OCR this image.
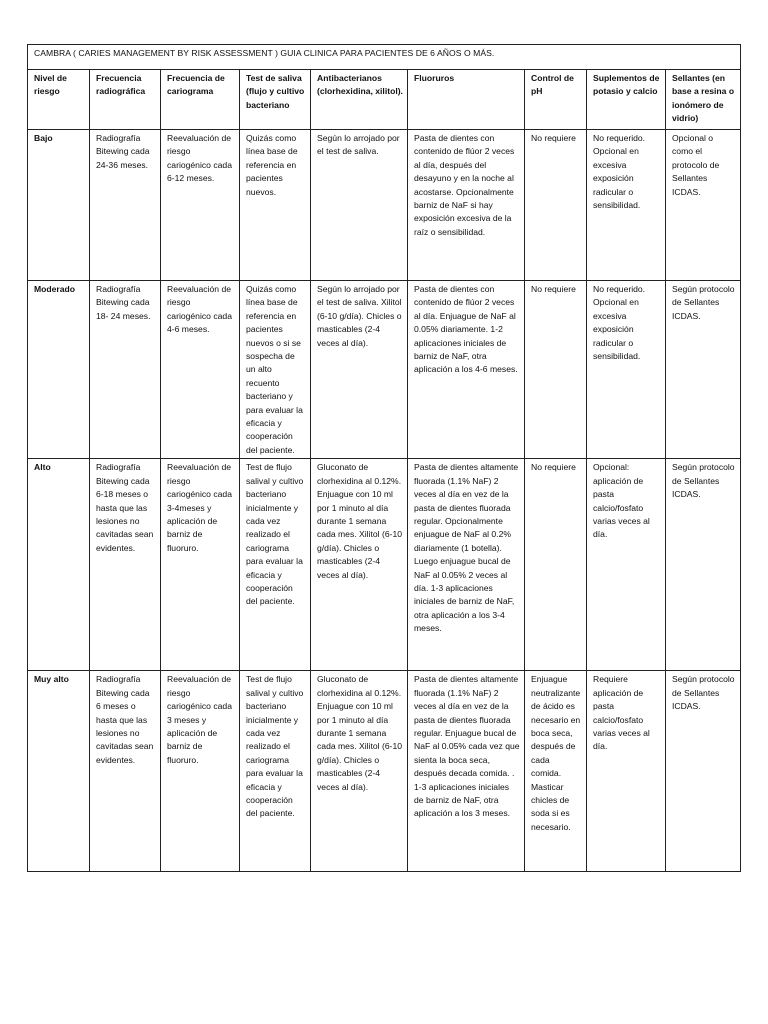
CAMBRA ( CARIES MANAGEMENT BY RISK ASSESSMENT ) GUIA CLINICA PARA PACIENTES DE 6 AÑOS O MÁS.								
Nivel de riesgo	Frecuencia radiográfica	Frecuencia de cariograma	Test de saliva (flujo y cultivo bacteriano	Antibacterianos (clorhexidina, xilitol).	Fluoruros	Control de pH	Suplementos de potasio y calcio	Sellantes (en base a resina o ionómero de vidrio)
Bajo	Radiografía Bitewing cada 24-36 meses.	Reevaluación de riesgo cariogénico cada 6-12 meses.	Quizás como línea base de referencia en pacientes nuevos.	Según lo arrojado por el test de saliva.	Pasta de dientes con contenido de flúor 2 veces al día, después del desayuno y en la noche al acostarse. Opcionalmente barniz de NaF si hay exposición excesiva de la raíz o sensibilidad.	No requiere	No requerido. Opcional en excesiva exposición radicular o sensibilidad.	Opcional o como el protocolo de Sellantes ICDAS.
Moderado	Radiografía Bitewing cada 18- 24 meses.	Reevaluación de riesgo cariogénico cada 4-6 meses.	Quizás como línea base de referencia en pacientes nuevos o si se sospecha de un alto recuento bacteriano y para evaluar la eficacia y cooperación del paciente.	Según lo arrojado por el test de saliva. Xilitol (6-10 g/día). Chicles o masticables (2-4 veces al día).	Pasta de dientes con contenido de flúor 2 veces al día. Enjuague de NaF al 0.05% diariamente. 1-2 aplicaciones iniciales de barniz de NaF, otra aplicación a los 4-6 meses.	No requiere	No requerido. Opcional en excesiva exposición radicular o sensibilidad.	Según protocolo de Sellantes ICDAS.
Alto	Radiografía Bitewing cada 6-18 meses o hasta que las lesiones no cavitadas sean evidentes.	Reevaluación de riesgo cariogénico cada 3-4meses y aplicación de barniz de fluoruro.	Test de flujo salival y cultivo bacteriano inicialmente y cada vez realizado el cariograma para evaluar la eficacia y cooperación del paciente.	Gluconato de clorhexidina al 0.12%. Enjuague con 10 ml por 1 minuto al día durante 1 semana cada mes. Xilitol (6-10 g/día). Chicles o masticables (2-4 veces al día).	Pasta de dientes altamente fluorada (1.1% NaF) 2 veces al día en vez de la pasta de dientes fluorada regular. Opcionalmente enjuague de NaF al 0.2% diariamente (1 botella). Luego enjuague bucal de NaF al 0.05% 2 veces al día. 1-3 aplicaciones iniciales de barniz de NaF, otra aplicación a los 3-4 meses.	No requiere	Opcional: aplicación de pasta calcio/fosfato varias veces al día.	Según protocolo de Sellantes ICDAS.
Muy alto	Radiografía Bitewing cada 6 meses o hasta que las lesiones no cavitadas sean evidentes.	Reevaluación de riesgo cariogénico cada 3 meses y aplicación de barniz de fluoruro.	Test de flujo salival y cultivo bacteriano inicialmente y cada vez realizado el cariograma para evaluar la eficacia y cooperación del paciente.	Gluconato de clorhexidina al 0.12%. Enjuague con 10 ml por 1 minuto al día durante 1 semana cada mes. Xilitol (6-10 g/día). Chicles o masticables (2-4 veces al día).	Pasta de dientes altamente fluorada (1.1% NaF) 2 veces al día en vez de la pasta de dientes fluorada regular. Enjuague bucal de NaF al 0.05% cada vez que sienta la boca seca, después decada comida. . 1-3 aplicaciones iniciales de barniz de NaF, otra aplicación a los 3 meses.	Enjuague neutralizante de ácido es necesario en boca seca, después de cada comida. Masticar chicles de soda si es necesario.	Requiere aplicación de pasta calcio/fosfato varias veces al día.	Según protocolo de Sellantes ICDAS.
